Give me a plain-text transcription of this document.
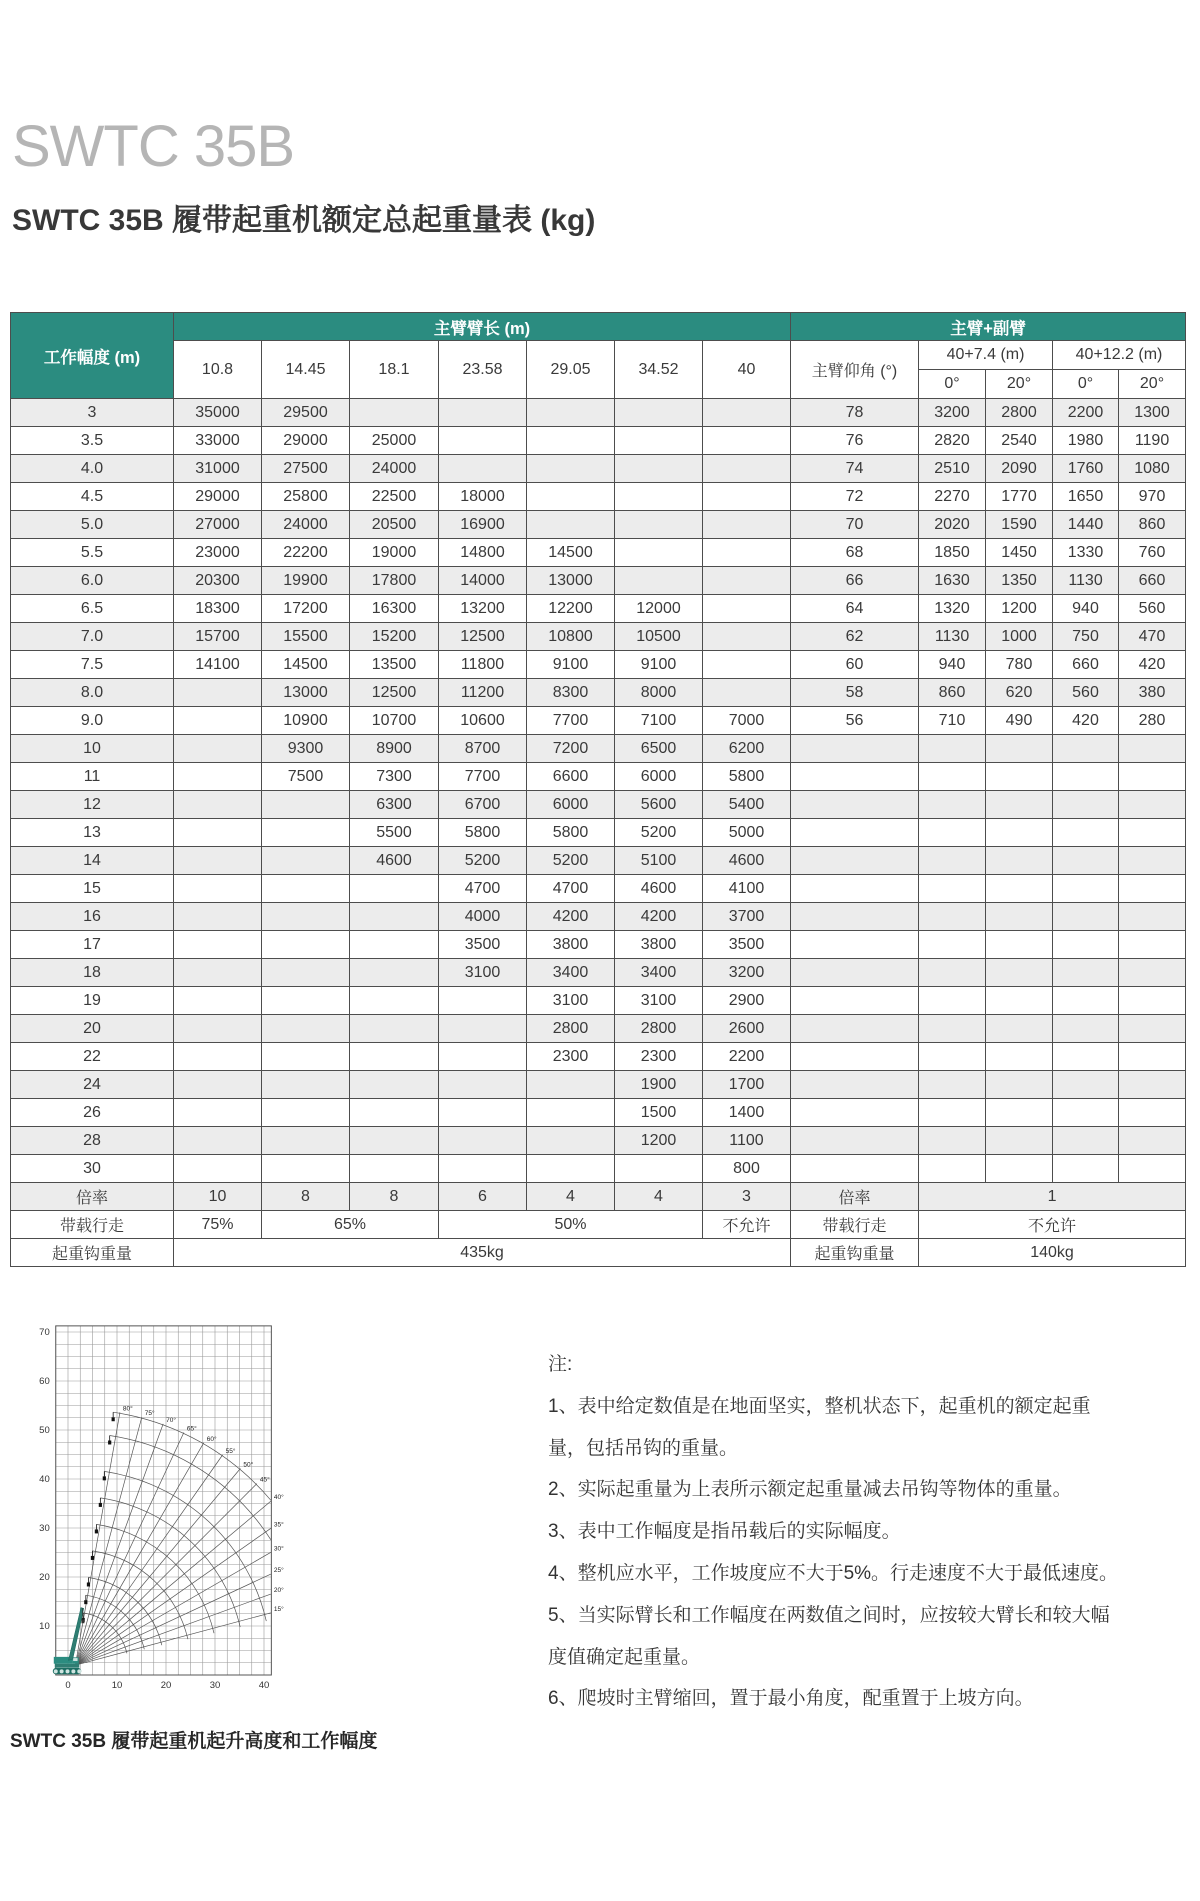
SWTC 35B
SWTC 35B 履带起重机额定总起重量表 (kg)
工作幅度 (m)	主臂臂长 (m)							主臂+副臂				
	10.8	14.45	18.1	23.58	29.05	34.52	40	主臂仰角 (°)	40+7.4 (m)		40+12.2 (m)	
									0°	20°	0°	20°
3	35000	29500						78	3200	2800	2200	1300
3.5	33000	29000	25000					76	2820	2540	1980	1190
4.0	31000	27500	24000					74	2510	2090	1760	1080
4.5	29000	25800	22500	18000				72	2270	1770	1650	970
5.0	27000	24000	20500	16900				70	2020	1590	1440	860
5.5	23000	22200	19000	14800	14500			68	1850	1450	1330	760
6.0	20300	19900	17800	14000	13000			66	1630	1350	1130	660
6.5	18300	17200	16300	13200	12200	12000		64	1320	1200	940	560
7.0	15700	15500	15200	12500	10800	10500		62	1130	1000	750	470
7.5	14100	14500	13500	11800	9100	9100		60	940	780	660	420
8.0		13000	12500	11200	8300	8000		58	860	620	560	380
9.0		10900	10700	10600	7700	7100	7000	56	710	490	420	280
10		9300	8900	8700	7200	6500	6200					
11		7500	7300	7700	6600	6000	5800					
12			6300	6700	6000	5600	5400					
13			5500	5800	5800	5200	5000					
14			4600	5200	5200	5100	4600					
15				4700	4700	4600	4100					
16				4000	4200	4200	3700					
17				3500	3800	3800	3500					
18				3100	3400	3400	3200					
19					3100	3100	2900					
20					2800	2800	2600					
22					2300	2300	2200					
24						1900	1700					
26						1500	1400					
28						1200	1100					
30							800					
倍率	10	8	8	6	4	4	3	倍率	1			
带载行走	75%	65%		50%			不允许	带载行走	不允许			
起重钩重量	435kg							起重钩重量	140kg			
10
20
30
40
50
60
70
0	10	20	30	40
80°
75°
70°
65°
60°
55°
50°
45°
40°
35°
30°
25°
20°
15°
SWTC 35B 履带起重机起升高度和工作幅度
注:
1、表中给定数值是在地面坚实，整机状态下，起重机的额定起重量，包括吊钩的重量。
2、实际起重量为上表所示额定起重量减去吊钩等物体的重量。
3、表中工作幅度是指吊载后的实际幅度。
4、整机应水平，工作坡度应不大于5%。行走速度不大于最低速度。
5、当实际臂长和工作幅度在两数值之间时，应按较大臂长和较大幅度值确定起重量。
6、爬坡时主臂缩回，置于最小角度，配重置于上坡方向。
